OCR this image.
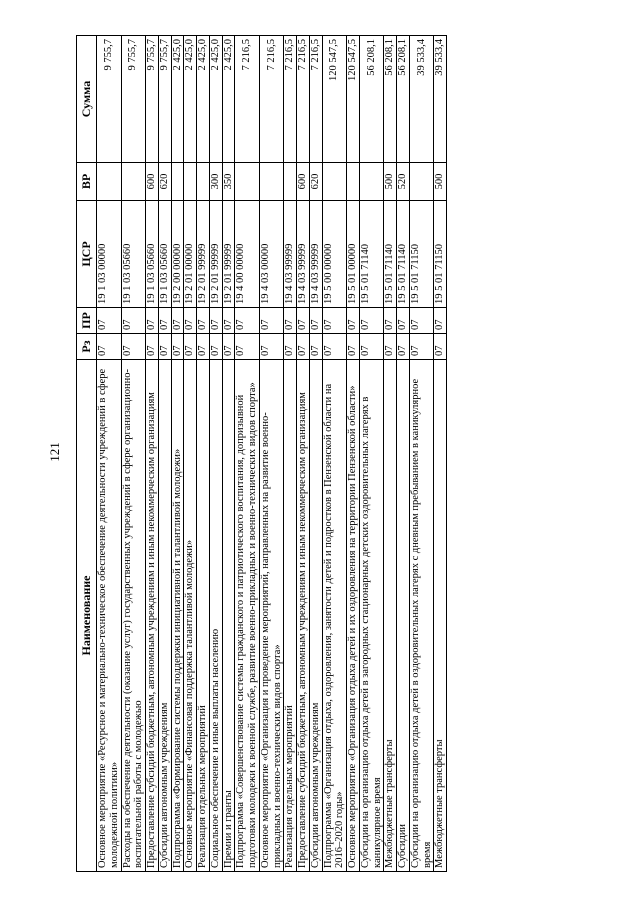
121
Наименование	Рз	ПР	ЦСР	ВР	Сумма
Основное мероприятие «Ресурсное и материально-техническое обеспечение деятельности учреждений в сфере молодежной политики»	07	07	19 1 03 00000		9 755,7
Расходы на обеспечение деятельности (оказание услуг) государственных учреждений в сфере организационно-воспитательной работы с молодежью	07	07	19 1 03 05660		9 755,7
Предоставление субсидий бюджетным, автономным учреждениям и иным некоммерческим организациям	07	07	19 1 03 05660	600	9 755,7
Субсидии автономным учреждениям	07	07	19 1 03 05660	620	9 755,7
Подпрограмма «Формирование системы поддержки инициативной и талантливой молодежи»	07	07	19 2 00 00000		2 425,0
Основное мероприятие «Финансовая поддержка талантливой молодежи»	07	07	19 2 01 00000		2 425,0
Реализация отдельных мероприятий	07	07	19 2 01 99999		2 425,0
Социальное обеспечение и иные выплаты населению	07	07	19 2 01 99999	300	2 425,0
Премии и гранты	07	07	19 2 01 99999	350	2 425,0
Подпрограмма «Совершенствование системы гражданского и патриотического воспитания, допризывной подготовки молодежи к военной службе, развитие военно-прикладных и военно-технических видов спорта»	07	07	19 4 00 00000		7 216,5
Основное мероприятие «Организация и проведение мероприятий, направленных на развитие военно-прикладных и военно-технических видов спорта»	07	07	19 4 03 00000		7 216,5
Реализация отдельных мероприятий	07	07	19 4 03 99999		7 216,5
Предоставление субсидий бюджетным, автономным учреждениям и иным некоммерческим организациям	07	07	19 4 03 99999	600	7 216,5
Субсидии автономным учреждениям	07	07	19 4 03 99999	620	7 216,5
Подпрограмма «Организация отдыха, оздоровления, занятости детей и подростков в Пензенской области на 2016–2020 годы»	07	07	19 5 00 00000		120 547,5
Основное мероприятие «Организация отдыха детей и их оздоровления на территории Пензенской области»	07	07	19 5 01 00000		120 547,5
Субсидии на организацию отдыха детей в загородных стационарных детских оздоровительных лагерях в каникулярное время	07	07	19 5 01 71140		56 208,1
Межбюджетные трансферты	07	07	19 5 01 71140	500	56 208,1
Субсидии	07	07	19 5 01 71140	520	56 208,1
Субсидии на организацию отдыха детей в оздоровительных лагерях с дневным пребыванием в каникулярное время	07	07	19 5 01 71150		39 533,4
Межбюджетные трансферты	07	07	19 5 01 71150	500	39 533,4
